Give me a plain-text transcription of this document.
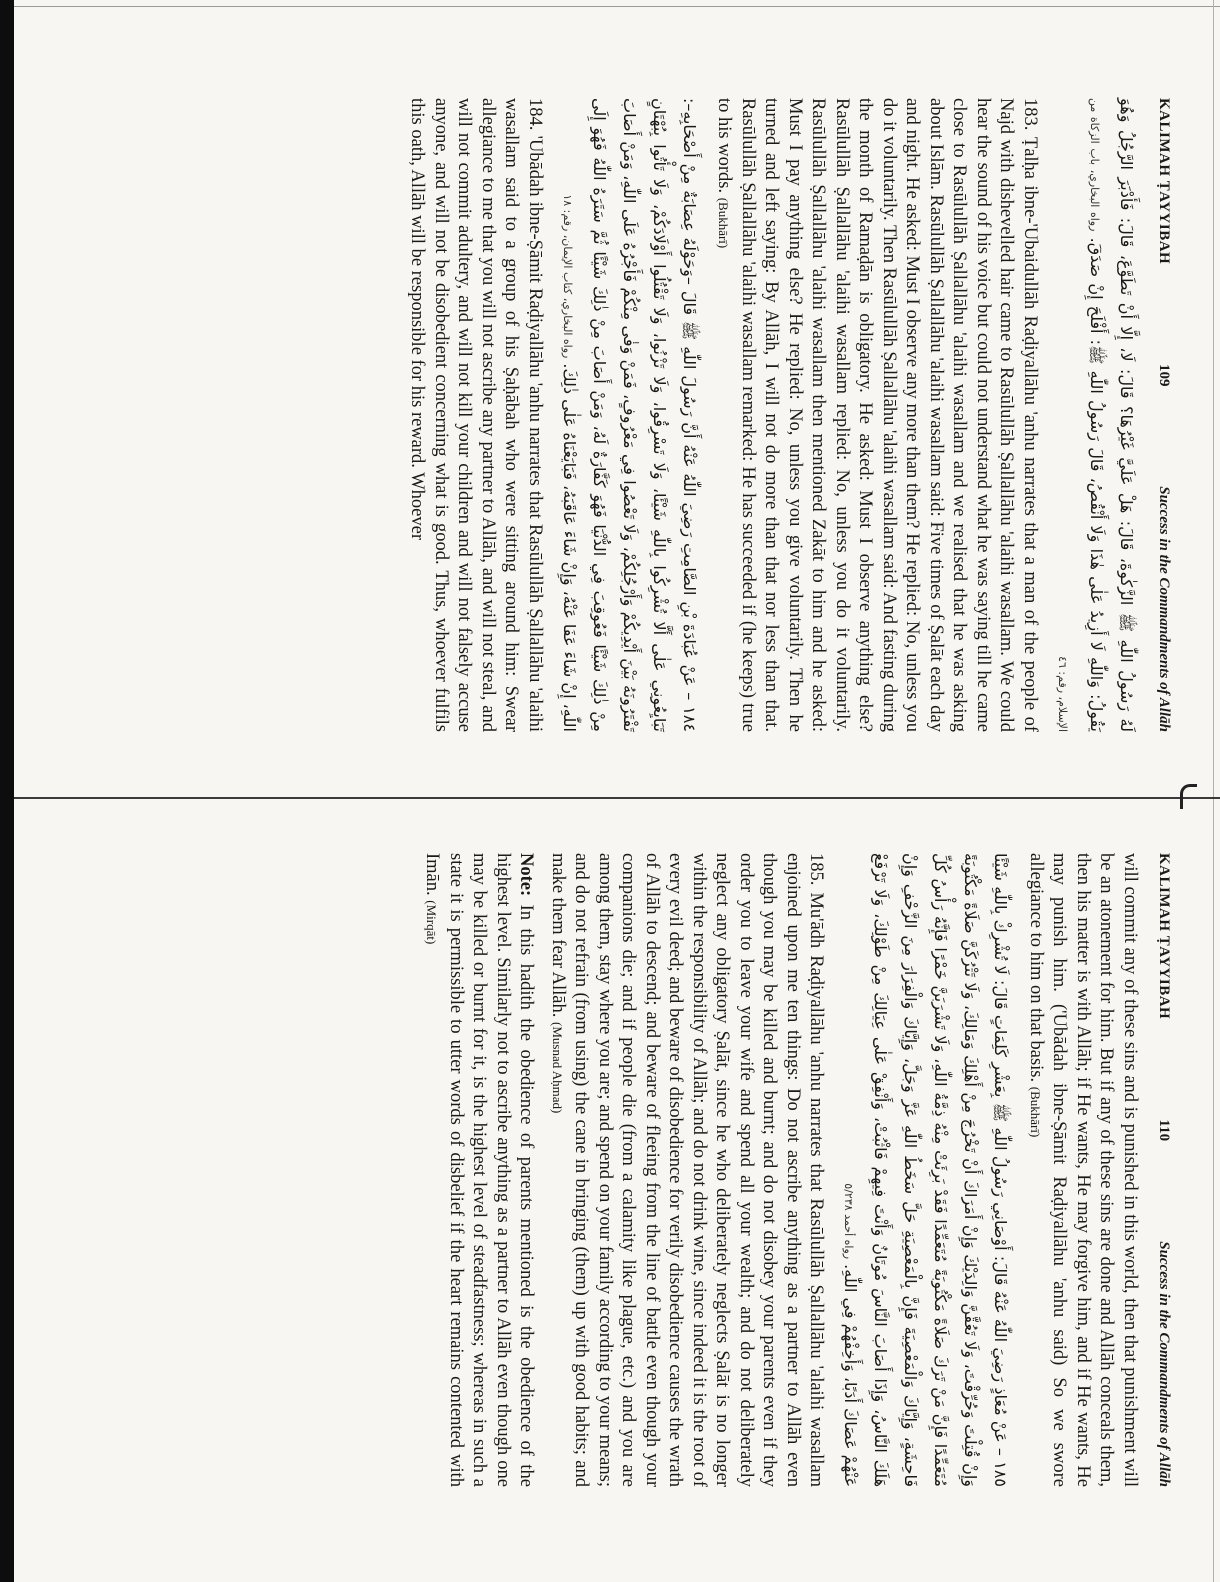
KALIMAH ṬAYYIBAH
109
Success in the Commandments of Allāh

لَهُ رَسُولُ اللّٰهِ ﷺ الزَّكٰوةَ، قَالَ: هَلْ عَلَيَّ غَيْرُهَا؟ قَالَ: لَا، إِلَّا أَنْ تَطَوَّعَ، قَالَ: فَأَدْبَرَ الرَّجُلُ وَهُوَ يَقُولُ: وَاللّٰهِ لَا أَزِيدُ عَلٰى هٰذَا وَلَا أَنْقُصُ، قَالَ رَسُولُ اللّٰهِ ﷺ: أَفْلَحَ إِنْ صَدَقَ. رواه البخاري، باب الزكاة من الإسلام، رقم: ٤٦

183. Ṭalḥa ibne-'Ubaidullāh Raḍiyallāhu 'anhu narrates that a man of the people of Najd with dishevelled hair came to Rasūlullāh Ṣallallāhu 'alaihi wasallam. We could hear the sound of his voice but could not understand what he was saying till he came close to Rasūlullāh Ṣallallāhu 'alaihi wasallam and we realised that he was asking about Islām. Rasūlullāh Ṣallallāhu 'alaihi wasallam said: Five times of Ṣalāt each day and night. He asked: Must I observe any more than them? He replied: No, unless you do it voluntarily. Then Rasūlullāh Ṣallallāhu 'alaihi wasallam said: And fasting during the month of Ramaḍān is obligatory. He asked: Must I observe anything else? Rasūlullāh Ṣallallāhu 'alaihi wasallam replied: No, unless you do it voluntarily. Rasūlullāh Ṣallallāhu 'alaihi wasallam then mentioned Zakāt to him and he asked: Must I pay anything else? He replied: No, unless you give voluntarily. Then he turned and left saying: By Allāh, I will not do more than that nor less than that. Rasūlullāh Ṣallallāhu 'alaihi wasallam remarked: He has succeeded if (he keeps) true to his words. (Bukhārī)

١٨٤ – عَنْ عُبَادَةَ بْنِ الصَّامِتِ رَضِيَ اللّٰهُ عَنْهُ أَنَّ رَسُولَ اللّٰهِ ﷺ قَالَ –وَحَوْلَهُ عِصَابَةٌ مِنْ أَصْحَابِهِ–: تَبَايِعُونِي عَلٰى أَلَّا تُشْرِكُوا بِاللّٰهِ شَيْئًا، وَلَا تَسْرِقُوا، وَلَا تَزْنُوا، وَلَا تَقْتُلُوا أَوْلَادَكُمْ، وَلَا تَأْتُوا بِبُهْتَانٍ تَفْتَرُونَهُ بَيْنَ أَيْدِيكُمْ وَأَرْجُلِكُمْ، وَلَا تَعْصُوا فِي مَعْرُوفٍ، فَمَنْ وَفٰى مِنْكُمْ فَأَجْرُهُ عَلَى اللّٰهِ، وَمَنْ أَصَابَ مِنْ ذٰلِكَ شَيْئًا فَعُوقِبَ فِي الدُّنْيَا فَهُوَ كَفَّارَةٌ لَهُ، وَمَنْ أَصَابَ مِنْ ذٰلِكَ شَيْئًا ثُمَّ سَتَرَهُ اللّٰهُ فَهُوَ إِلَى اللّٰهِ، إِنْ شَاءَ عَفَا عَنْهُ، وَإِنْ شَاءَ عَاقَبَهُ، فَبَايَعْنَاهُ عَلٰى ذٰلِكَ. رواه البخاري، كتاب الإيمان، رقم: ١٨

184. 'Ubādah ibne-Ṣāmit Raḍiyallāhu 'anhu narrates that Rasūlullāh Ṣallallāhu 'alaihi wasallam said to a group of his Ṣaḥābah who were sitting around him: Swear allegiance to me that you will not ascribe any partner to Allāh, and will not steal, and will not commit adultery, and will not kill your children and will not falsely accuse anyone, and will not be disobedient concerning what is good. Thus, whoever fulfils this oath, Allāh will be responsible for his reward. Whoever

KALIMAH ṬAYYIBAH
110
Success in the Commandments of Allāh

will commit any of these sins and is punished in this world, then that punishment will be an atonement for him. But if any of these sins are done and Allāh conceals them, then his matter is with Allāh; if He wants, He may forgive him, and if He wants, He may punish him. ('Ubādah ibne-Ṣāmit Raḍiyallāhu 'anhu said) So we swore allegiance to him on that basis. (Bukhārī)

١٨٥ – عَنْ مُعَاذٍ رَضِيَ اللّٰهُ عَنْهُ قَالَ: أَوْصَانِي رَسُولُ اللّٰهِ ﷺ بِعَشْرِ كَلِمَاتٍ قَالَ: لَا تُشْرِكْ بِاللّٰهِ شَيْئًا وَإِنْ قُتِلْتَ وَحُرِّقْتَ، وَلَا تَعُقَّنَّ وَالِدَيْكَ وَإِنْ أَمَرَاكَ أَنْ تَخْرُجَ مِنْ أَهْلِكَ وَمَالِكَ، وَلَا تَتْرُكَنَّ صَلَاةً مَكْتُوبَةً مُتَعَمِّدًا فَإِنَّ مَنْ تَرَكَ صَلَاةً مَكْتُوبَةً مُتَعَمِّدًا فَقَدْ بَرِئَتْ مِنْهُ ذِمَّةُ اللّٰهِ، وَلَا تَشْرَبَنَّ خَمْرًا فَإِنَّهُ رَأْسُ كُلِّ فَاحِشَةٍ، وَإِيَّاكَ وَالْمَعْصِيَةَ فَإِنَّ بِالْمَعْصِيَةِ حَلَّ سَخَطُ اللّٰهِ عَزَّ وَجَلَّ، وَإِيَّاكَ وَالْفِرَارَ مِنَ الزَّحْفِ وَإِنْ هَلَكَ النَّاسُ، وَإِذَا أَصَابَ النَّاسَ مُوتَانٌ وَأَنْتَ فِيهِمْ فَاثْبُتْ، وَأَنْفِقْ عَلٰى عِيَالِكَ مِنْ طَوْلِكَ، وَلَا تَرْفَعْ عَنْهُمْ عَصَاكَ أَدَبًا، وَأَخِفْهُمْ فِي اللّٰهِ. رواه أحمد ٥/٢٣٨

185. Mu'ādh Raḍiyallāhu 'anhu narrates that Rasūlullāh Ṣallallāhu 'alaihi wasallam enjoined upon me ten things: Do not ascribe anything as a partner to Allāh even though you may be killed and burnt; and do not disobey your parents even if they order you to leave your wife and spend all your wealth; and do not deliberately neglect any obligatory Ṣalāt, since he who deliberately neglects Ṣalāt is no longer within the responsibility of Allāh; and do not drink wine, since indeed it is the root of every evil deed; and beware of disobedience for verily disobedience causes the wrath of Allāh to descend; and beware of fleeing from the line of battle even though your companions die; and if people die (from a calamity like plague, etc.) and you are among them, stay where you are; and spend on your family according to your means; and do not refrain (from using) the cane in bringing (them) up with good habits; and make them fear Allāh. (Musnad Aḥmad)

Note: In this hadith the obedience of parents mentioned is the obedience of the highest level. Similarly not to ascribe anything as a partner to Allāh even though one may be killed or burnt for it, is the highest level of steadfastness; whereas in such a state it is permissible to utter words of disbelief if the heart remains contented with Imān. (Mirqāt)
